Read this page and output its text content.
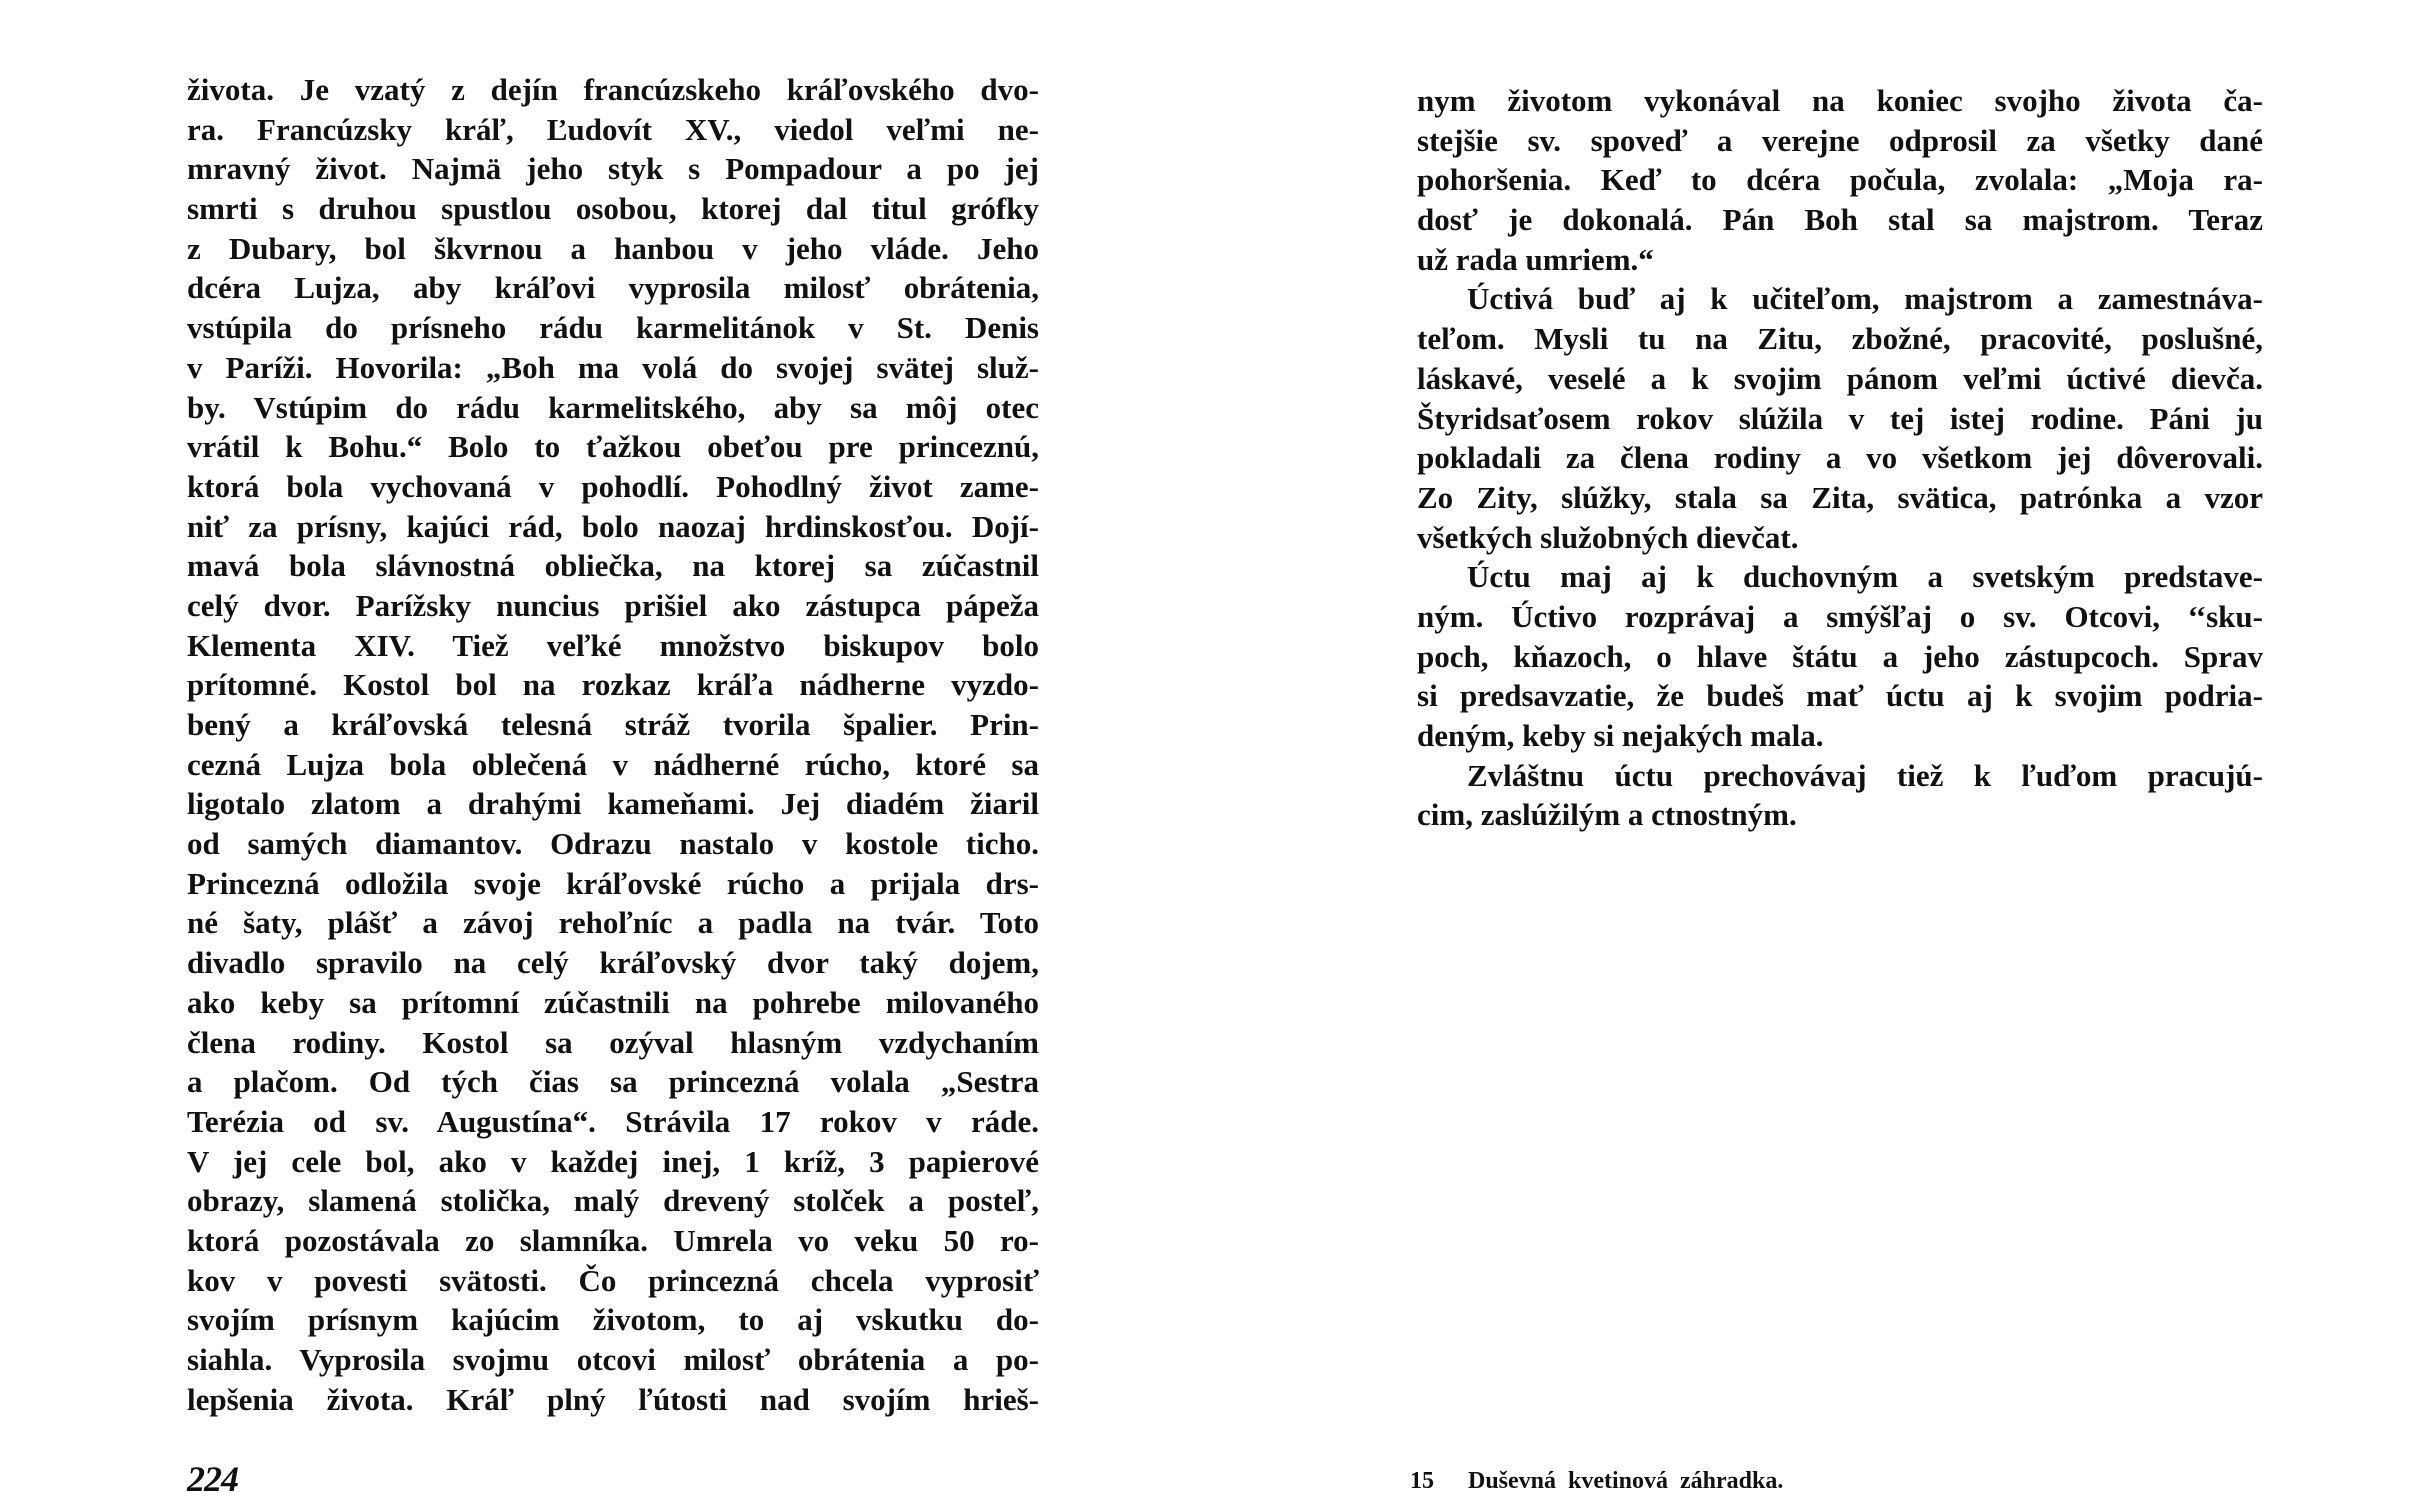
života. Je vzatý z dejín francúzskeho kráľovského dvo-
ra. Francúzsky kráľ, Ľudovít XV., viedol veľmi ne-
mravný život. Najmä jeho styk s Pompadour a po jej
smrti s druhou spustlou osobou, ktorej dal titul grófky
z Dubary, bol škvrnou a hanbou v jeho vláde. Jeho
dcéra Lujza, aby kráľovi vyprosila milosť obrátenia,
vstúpila do prísneho rádu karmelitánok v St. Denis
v Paríži. Hovorila: „Boh ma volá do svojej svätej služ-
by. Vstúpim do rádu karmelitského, aby sa môj otec
vrátil k Bohu.“ Bolo to ťažkou obeťou pre princeznú,
ktorá bola vychovaná v pohodlí. Pohodlný život zame-
niť za prísny, kajúci rád, bolo naozaj hrdinskosťou. Dojí-
mavá bola slávnostná obliečka, na ktorej sa zúčastnil
celý dvor. Parížsky nuncius prišiel ako zástupca pápeža
Klementa XIV. Tiež veľké množstvo biskupov bolo
prítomné. Kostol bol na rozkaz kráľa nádherne vyzdo-
bený a kráľovská telesná stráž tvorila špalier. Prin-
cezná Lujza bola oblečená v nádherné rúcho, ktoré sa
ligotalo zlatom a drahými kameňami. Jej diadém žiaril
od samých diamantov. Odrazu nastalo v kostole ticho.
Princezná odložila svoje kráľovské rúcho a prijala drs-
né šaty, plášť a závoj rehoľníc a padla na tvár. Toto
divadlo spravilo na celý kráľovský dvor taký dojem,
ako keby sa prítomní zúčastnili na pohrebe milovaného
člena rodiny. Kostol sa ozýval hlasným vzdychaním
a plačom. Od tých čias sa princezná volala „Sestra
Terézia od sv. Augustína“. Strávila 17 rokov v ráde.
V jej cele bol, ako v každej inej, 1 kríž, 3 papierové
obrazy, slamená stolička, malý drevený stolček a posteľ,
ktorá pozostávala zo slamníka. Umrela vo veku 50 ro-
kov v povesti svätosti. Čo princezná chcela vyprosiť
svojím prísnym kajúcim životom, to aj vskutku do-
siahla. Vyprosila svojmu otcovi milosť obrátenia a po-
lepšenia života. Kráľ plný ľútosti nad svojím hrieš-
224
nym životom vykonával na koniec svojho života ča-
stejšie sv. spoveď a verejne odprosil za všetky dané
pohoršenia. Keď to dcéra počula, zvolala: „Moja ra-
dosť je dokonalá. Pán Boh stal sa majstrom. Teraz
už rada umriem.“
Úctivá buď aj k učiteľom, majstrom a zamestnáva-
teľom. Mysli tu na Zitu, zbožné, pracovité, poslušné,
láskavé, veselé a k svojim pánom veľmi úctivé dievča.
Štyridsaťosem rokov slúžila v tej istej rodine. Páni ju
pokladali za člena rodiny a vo všetkom jej dôverovali.
Zo Zity, slúžky, stala sa Zita, svätica, patrónka a vzor
všetkých služobných dievčat.
Úctu maj aj k duchovným a svetským predstave-
ným. Úctivo rozprávaj a smýšľaj o sv. Otcovi, ‘‘sku-
poch, kňazoch, o hlave štátu a jeho zástupcoch. Sprav
si predsavzatie, že budeš mať úctu aj k svojim podria-
deným, keby si nejakých mala.
Zvláštnu úctu prechovávaj tiež k ľuďom pracujú-
cim, zaslúžilým a ctnostným.
15 Duševná kvetinová záhradka.
